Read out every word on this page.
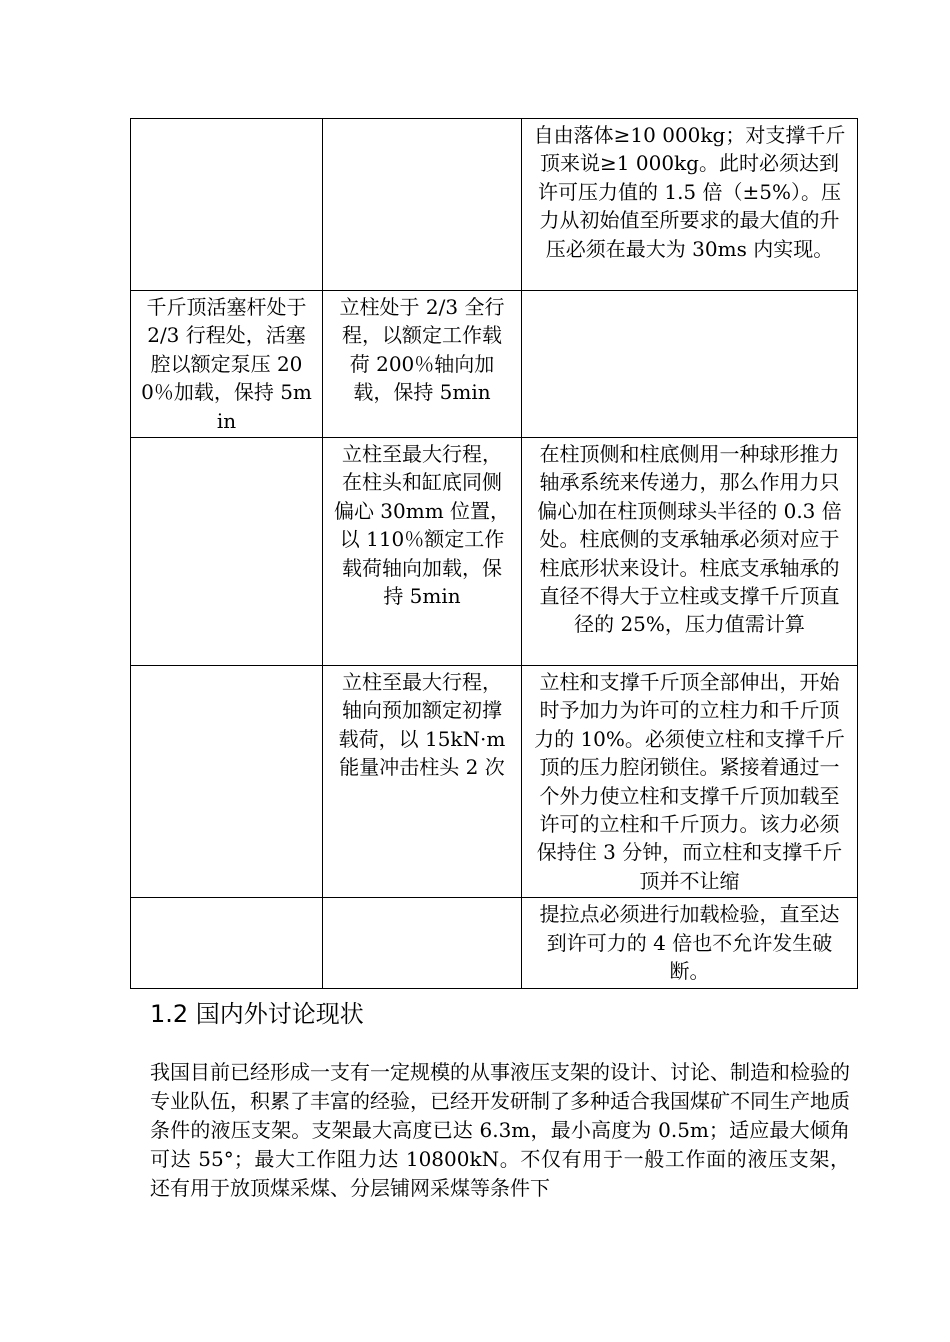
		自由落体≥10 000kg；对支撑千斤顶来说≥1 000kg。此时必须达到许可压力值的 1.5 倍（±5%）。压力从初始值至所要求的最大值的升压必须在最大为 30ms 内实现。
千斤顶活塞杆处于 2/3 行程处，活塞腔以额定泵压 200％加载，保持 5min	立柱处于 2/3 全行程，以额定工作载荷 200％轴向加载，保持 5min	
	立柱至最大行程，在柱头和缸底同侧偏心 30mm 位置，以 110％额定工作载荷轴向加载，保持 5min	在柱顶侧和柱底侧用一种球形推力轴承系统来传递力，那么作用力只偏心加在柱顶侧球头半径的 0.3 倍处。柱底侧的支承轴承必须对应于柱底形状来设计。柱底支承轴承的直径不得大于立柱或支撑千斤顶直径的 25%，压力值需计算
	立柱至最大行程，轴向预加额定初撑载荷，以 15kN·m 能量冲击柱头 2 次	立柱和支撑千斤顶全部伸出，开始时予加力为许可的立柱力和千斤顶力的 10%。必须使立柱和支撑千斤顶的压力腔闭锁住。紧接着通过一个外力使立柱和支撑千斤顶加载至许可的立柱和千斤顶力。该力必须保持住 3 分钟，而立柱和支撑千斤顶并不让缩
		提拉点必须进行加载检验，直至达到许可力的 4 倍也不允许发生破断。
1.2 国内外讨论现状

我国目前已经形成一支有一定规模的从事液压支架的设计、讨论、制造和检验的专业队伍，积累了丰富的经验，已经开发研制了多种适合我国煤矿不同生产地质条件的液压支架。支架最大高度已达 6.3m，最小高度为 0.5m；适应最大倾角可达 55°；最大工作阻力达 10800kN。不仅有用于一般工作面的液压支架，还有用于放顶煤采煤、分层铺网采煤等条件下
